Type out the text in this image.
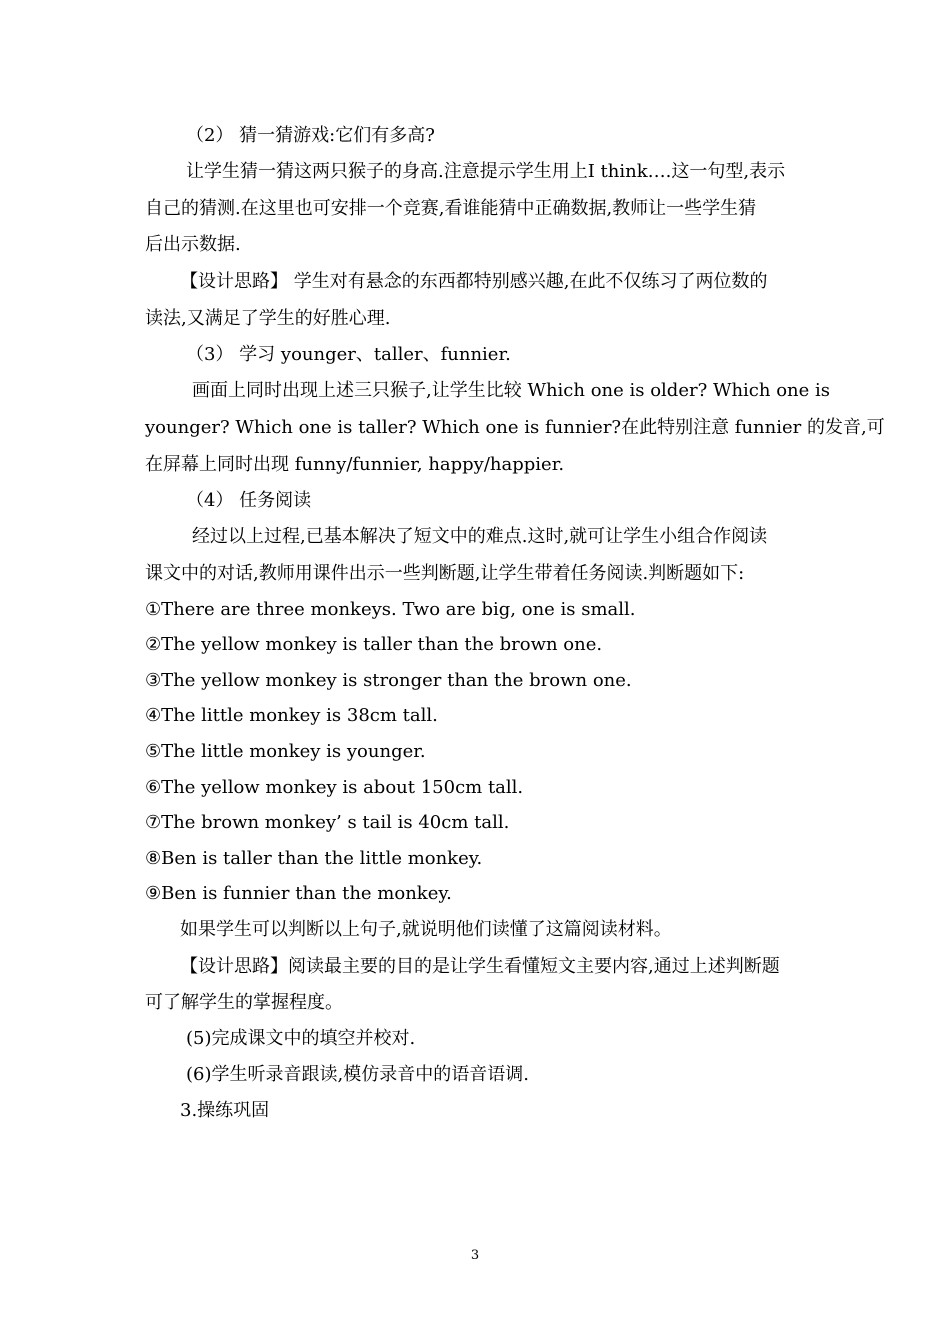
（2） 猜一猜游戏:它们有多高?
让学生猜一猜这两只猴子的身高.注意提示学生用上I think….这一句型,表示
自己的猜测.在这里也可安排一个竞赛,看谁能猜中正确数据,教师让一些学生猜
后出示数据.
【设计思路】 学生对有悬念的东西都特别感兴趣,在此不仅练习了两位数的
读法,又满足了学生的好胜心理.
（3） 学习 younger、taller、funnier.
画面上同时出现上述三只猴子,让学生比较 Which one is older? Which one is
younger? Which one is taller? Which one is funnier?在此特别注意 funnier 的发音,可
在屏幕上同时出现 funny/funnier, happy/happier.
（4） 任务阅读
经过以上过程,已基本解决了短文中的难点.这时,就可让学生小组合作阅读
课文中的对话,教师用课件出示一些判断题,让学生带着任务阅读.判断题如下:
①There are three monkeys. Two are big, one is small.
②The yellow monkey is taller than the brown one.
③The yellow monkey is stronger than the brown one.
④The little monkey is 38cm tall.
⑤The little monkey is younger.
⑥The yellow monkey is about 150cm tall.
⑦The brown monkey’ s tail is 40cm tall.
⑧Ben is taller than the little monkey.
⑨Ben is funnier than the monkey.
如果学生可以判断以上句子,就说明他们读懂了这篇阅读材料。
【设计思路】阅读最主要的目的是让学生看懂短文主要内容,通过上述判断题
可了解学生的掌握程度。
(5)完成课文中的填空并校对.
(6)学生听录音跟读,模仿录音中的语音语调.
3.操练巩固
3
